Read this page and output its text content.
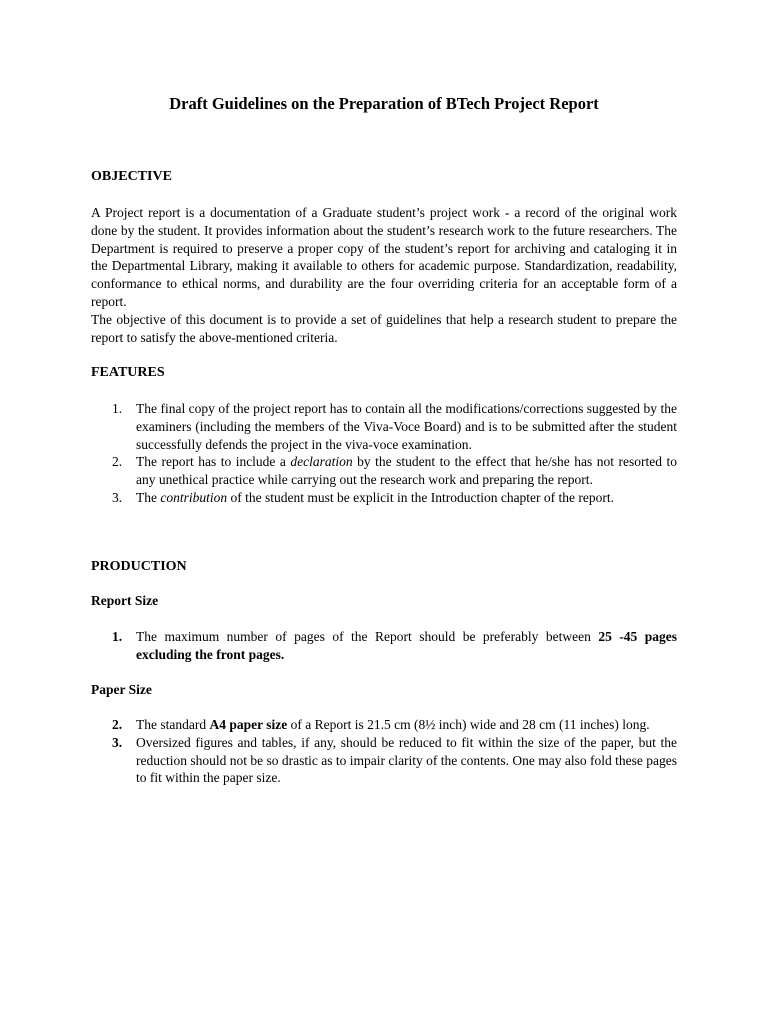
Draft Guidelines on the Preparation of BTech Project Report
OBJECTIVE

A Project report is a documentation of a Graduate student’s project work - a record of the original work done by the student. It provides information about the student’s research work to the future researchers. The Department is required to preserve a proper copy of the student’s report for archiving and cataloging it in the Departmental Library, making it available to others for academic purpose. Standardization, readability, conformance to ethical norms, and durability are the four overriding criteria for an acceptable form of a report.

The objective of this document is to provide a set of guidelines that help a research student to prepare the report to satisfy the above-mentioned criteria.

FEATURES
1. The final copy of the project report has to contain all the modifications/corrections suggested by the examiners (including the members of the Viva-Voce Board) and is to be submitted after the student successfully defends the project in the viva-voce examination.
2. The report has to include a declaration by the student to the effect that he/she has not resorted to any unethical practice while carrying out the research work and preparing the report.
3. The contribution of the student must be explicit in the Introduction chapter of the report.
PRODUCTION
Report Size
1. The maximum number of pages of the Report should be preferably between 25 -45 pages excluding the front pages.
Paper Size
2. The standard A4 paper size of a Report is 21.5 cm (8½ inch) wide and 28 cm (11 inches) long.
3. Oversized figures and tables, if any, should be reduced to fit within the size of the paper, but the reduction should not be so drastic as to impair clarity of the contents. One may also fold these pages to fit within the paper size.
